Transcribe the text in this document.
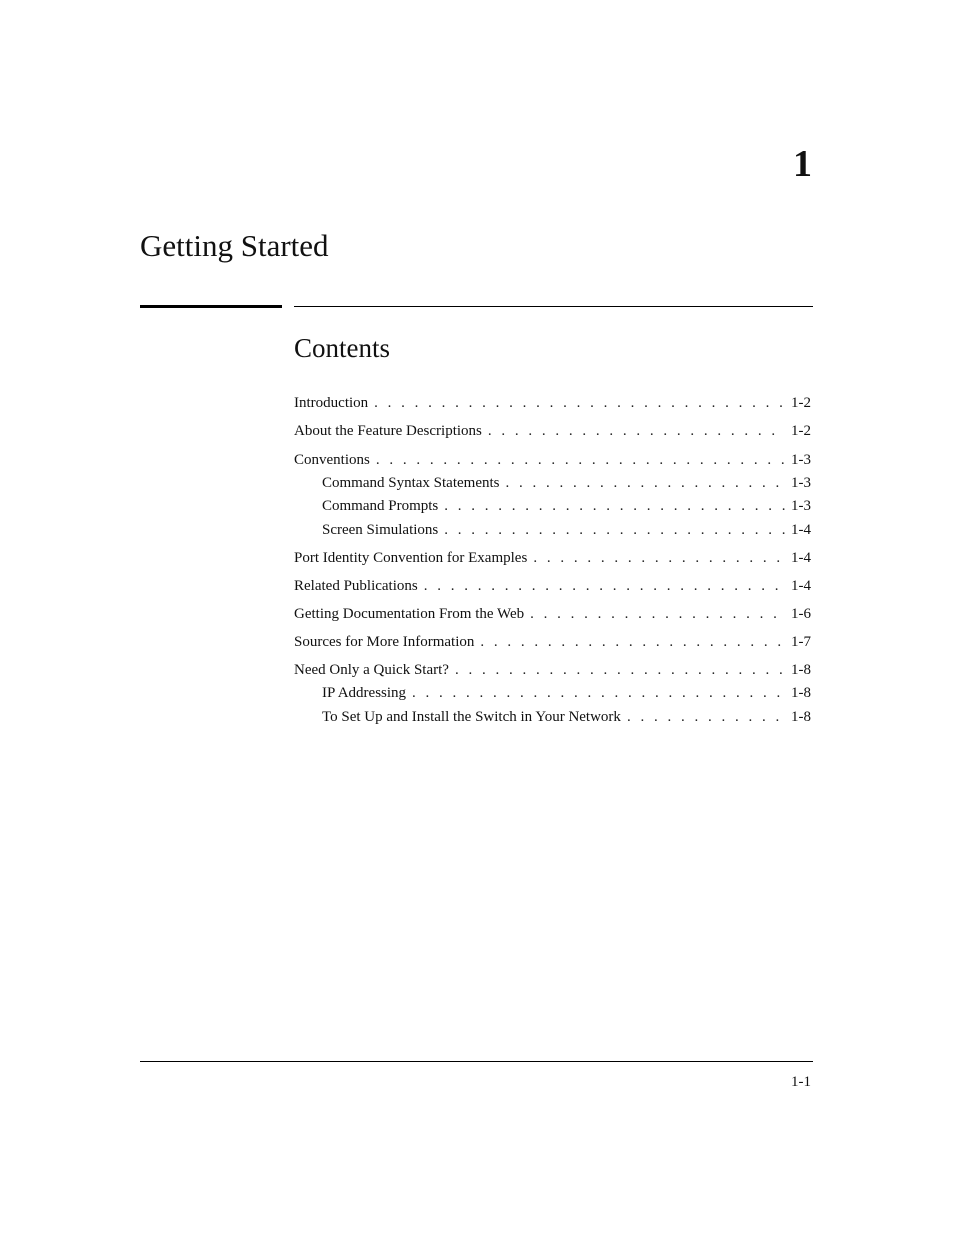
1
Getting Started
Contents
Introduction . . .	1-2
About the Feature Descriptions . . .	1-2
Conventions . . .	1-3
Command Syntax Statements . . .	1-3
Command Prompts . . .	1-3
Screen Simulations . . .	1-4
Port Identity Convention for Examples . . .	1-4
Related Publications . . .	1-4
Getting Documentation From the Web . . .	1-6
Sources for More Information . . .	1-7
Need Only a Quick Start? . . .	1-8
IP Addressing . . .	1-8
To Set Up and Install the Switch in Your Network . . .	1-8
1-1
